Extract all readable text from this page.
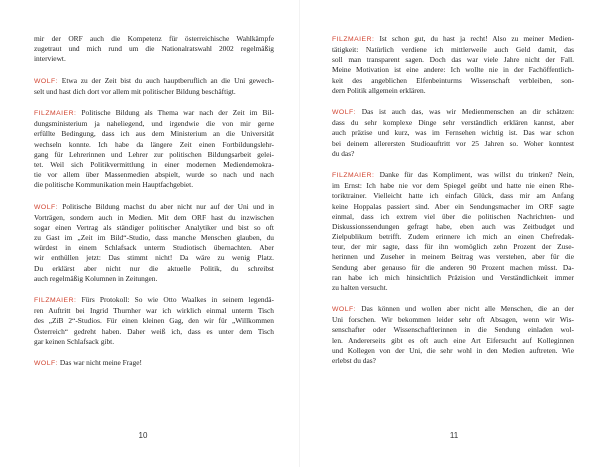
mir der ORF auch die Kompetenz für österreichische Wahlkämpfe
zugetraut und mich rund um die Nationalratswahl 2002 regelmäßig
interviewt.
WOLF: Etwa zu der Zeit bist du auch hauptberuflich an die Uni gewech-
selt und hast dich dort vor allem mit politischer Bildung beschäftigt.
FILZMAIER: Politische Bildung als Thema war nach der Zeit im Bil-
dungsministerium ja naheliegend, und irgendwie die von mir gerne
erfüllte Bedingung, dass ich aus dem Ministerium an die Universität
wechseln konnte. Ich habe da längere Zeit einen Fortbildungslehr-
gang für Lehrerinnen und Lehrer zur politischen Bildungsarbeit gelei-
tet. Weil sich Politikvermittlung in einer modernen Mediendemokra-
tie vor allem über Massenmedien abspielt, wurde so nach und nach
die politische Kommunikation mein Hauptfachgebiet.
WOLF: Politische Bildung machst du aber nicht nur auf der Uni und in
Vorträgen, sondern auch in Medien. Mit dem ORF hast du inzwischen
sogar einen Vertrag als ständiger politischer Analytiker und bist so oft
zu Gast im „Zeit im Bild“-Studio, dass manche Menschen glauben, du
würdest in einem Schlafsack unterm Studiotisch übernachten. Aber
wir enthüllen jetzt: Das stimmt nicht! Da wäre zu wenig Platz.
Du erklärst aber nicht nur die aktuelle Politik, du schreibst
auch regelmäßig Kolumnen in Zeitungen.
FILZMAIER: Fürs Protokoll: So wie Otto Waalkes in seinem legendä-
ren Auftritt bei Ingrid Thurnher war ich wirklich einmal unterm Tisch
des „ZiB 2“-Studios. Für einen kleinen Gag, den wir für „Willkommen
Österreich“ gedreht haben. Daher weiß ich, dass es unter dem Tisch
gar keinen Schlafsack gibt.
WOLF: Das war nicht meine Frage!
10
FILZMAIER: Ist schon gut, du hast ja recht! Also zu meiner Medien-
tätigkeit: Natürlich verdiene ich mittlerweile auch Geld damit, das
soll man transparent sagen. Doch das war viele Jahre nicht der Fall.
Meine Motivation ist eine andere: Ich wollte nie in der Fachöffentlich-
keit des angeblichen Elfenbeinturms Wissenschaft verbleiben, son-
dern Politik allgemein erklären.
WOLF: Das ist auch das, was wir Medienmenschen an dir schätzen:
dass du sehr komplexe Dinge sehr verständlich erklären kannst, aber
auch präzise und kurz, was im Fernsehen wichtig ist. Das war schon
bei deinem allerersten Studioauftritt vor 25 Jahren so. Woher konntest
du das?
FILZMAIER: Danke für das Kompliment, was willst du trinken? Nein,
im Ernst: Ich habe nie vor dem Spiegel geübt und hatte nie einen Rhe-
toriktrainer. Vielleicht hatte ich einfach Glück, dass mir am Anfang
keine Hoppalas passiert sind. Aber ein Sendungsmacher im ORF sagte
einmal, dass ich extrem viel über die politischen Nachrichten- und
Diskussionssendungen gefragt habe, eben auch was Zeitbudget und
Zielpublikum betrifft. Zudem erinnere ich mich an einen Chefredak-
teur, der mir sagte, dass für ihn womöglich zehn Prozent der Zuse-
herinnen und Zuseher in meinem Beitrag was verstehen, aber für die
Sendung aber genauso für die anderen 90 Prozent machen müsst. Da-
ran habe ich mich hinsichtlich Präzision und Verständlichkeit immer
zu halten versucht.
WOLF: Das können und wollen aber nicht alle Menschen, die an der
Uni forschen. Wir bekommen leider sehr oft Absagen, wenn wir Wis-
senschafter oder Wissenschaftlerinnen in die Sendung einladen wol-
len. Andererseits gibt es oft auch eine Art Eifersucht auf Kolleginnen
und Kollegen von der Uni, die sehr wohl in den Medien auftreten. Wie
erlebst du das?
11
